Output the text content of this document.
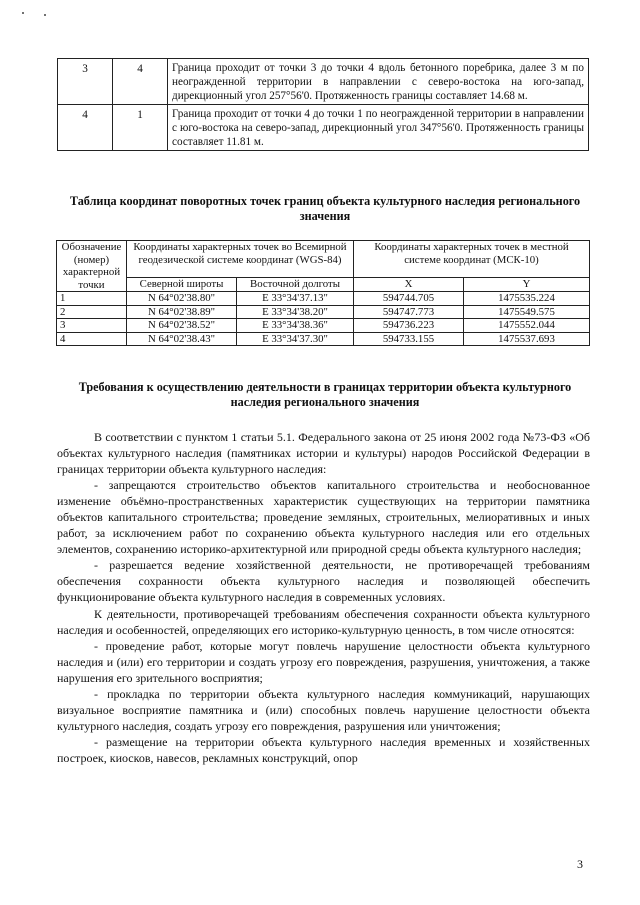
3	4	Граница проходит от точки 3 до точки 4 вдоль бетонного поребрика, далее 3 м по неогражденной территории в направлении с северо-востока на юго-запад, дирекционный угол 257°56'0. Протяженность границы составляет 14.68 м.
4	1	Граница проходит от точки 4 до точки 1 по неогражденной территории в направлении с юго-востока на северо-запад, дирекционный угол 347°56'0. Протяженность границы составляет 11.81 м.
Таблица координат поворотных точек границ объекта культурного наследия регионального значения
Обозначение (номер) характерной точки	Координаты характерных точек во Всемирной геодезической системе координат (WGS-84)		Координаты характерных точек в местной системе координат (МСК-10)	
	Северной широты	Восточной долготы	X	Y
1	N 64°02'38.80"	E 33°34'37.13"	594744.705	1475535.224
2	N 64°02'38.89"	E 33°34'38.20"	594747.773	1475549.575
3	N 64°02'38.52"	E 33°34'38.36"	594736.223	1475552.044
4	N 64°02'38.43"	E 33°34'37.30"	594733.155	1475537.693
Требования к осуществлению деятельности в границах территории объекта культурного наследия регионального значения

В соответствии с пунктом 1 статьи 5.1. Федерального закона от 25 июня 2002 года №73-ФЗ «Об объектах культурного наследия (памятниках истории и культуры) народов Российской Федерации в границах территории объекта культурного наследия:

- запрещаются строительство объектов капитального строительства и необоснованное изменение объёмно-пространственных характеристик существующих на территории памятника объектов капитального строительства; проведение земляных, строительных, мелиоративных и иных работ, за исключением работ по сохранению объекта культурного наследия или его отдельных элементов, сохранению историко-архитектурной или природной среды объекта культурного наследия;

- разрешается ведение хозяйственной деятельности, не противоречащей требованиям обеспечения сохранности объекта культурного наследия и позволяющей обеспечить функционирование объекта культурного наследия в современных условиях.

К деятельности, противоречащей требованиям обеспечения сохранности объекта культурного наследия и особенностей, определяющих его историко-культурную ценность, в том числе относятся:

- проведение работ, которые могут повлечь нарушение целостности объекта культурного наследия и (или) его территории и создать угрозу его повреждения, разрушения, уничтожения, а также нарушения его зрительного восприятия;

- прокладка по территории объекта культурного наследия коммуникаций, нарушающих визуальное восприятие памятника и (или) способных повлечь нарушение целостности объекта культурного наследия, создать угрозу его повреждения, разрушения или уничтожения;

- размещение на территории объекта культурного наследия временных и хозяйственных построек, киосков, навесов, рекламных конструкций, опор

3
